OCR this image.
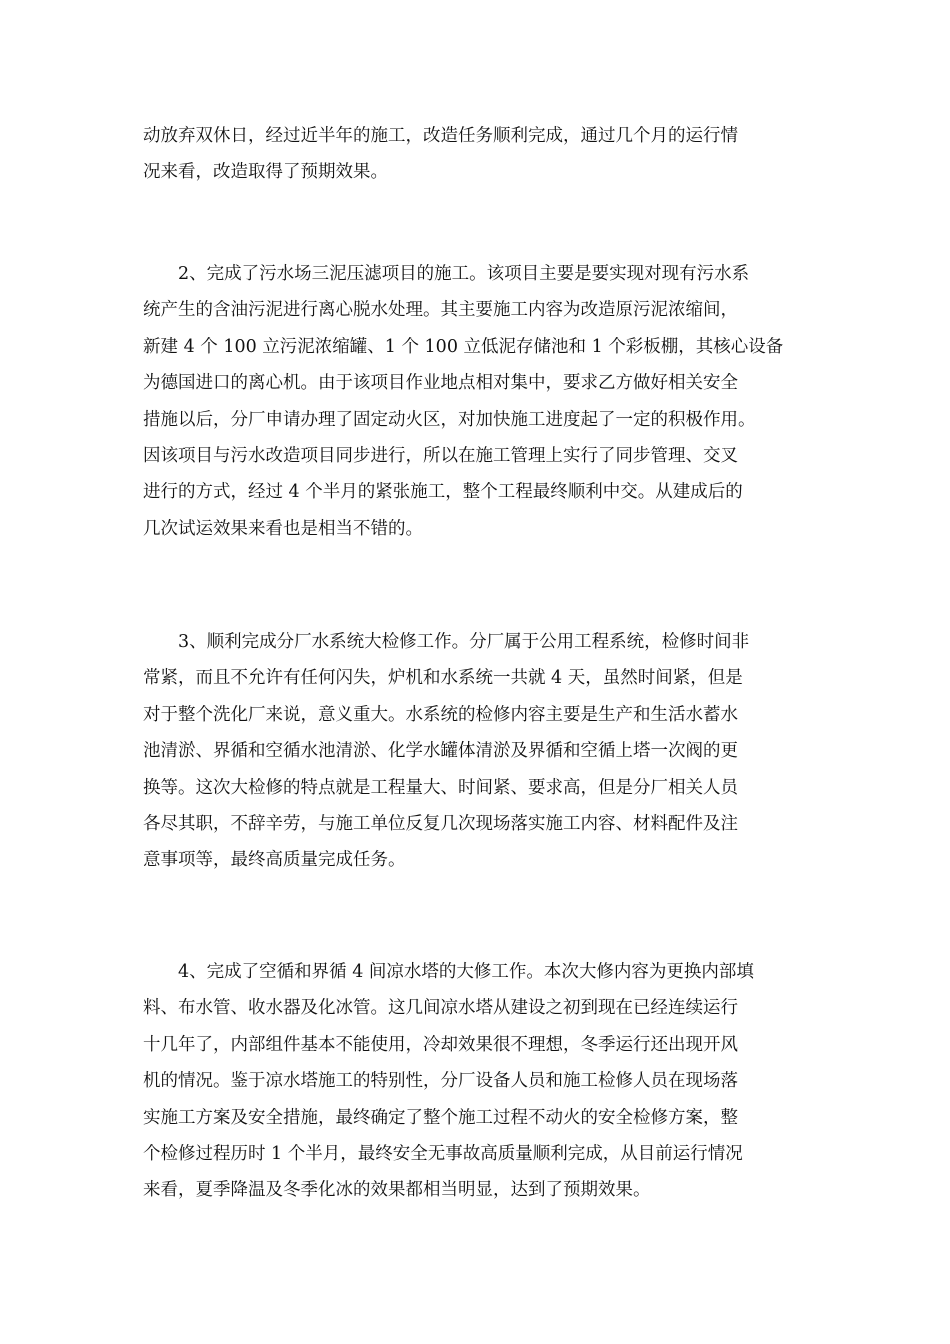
动放弃双休日，经过近半年的施工，改造任务顺利完成，通过几个月的运行情
况来看，改造取得了预期效果。

　　2、完成了污水场三泥压滤项目的施工。该项目主要是要实现对现有污水系
统产生的含油污泥进行离心脱水处理。其主要施工内容为改造原污泥浓缩间，
新建 4 个 100 立污泥浓缩罐、1 个 100 立低泥存储池和 1 个彩板棚，其核心设备
为德国进口的离心机。由于该项目作业地点相对集中，要求乙方做好相关安全
措施以后，分厂申请办理了固定动火区，对加快施工进度起了一定的积极作用。
因该项目与污水改造项目同步进行，所以在施工管理上实行了同步管理、交叉
进行的方式，经过 4 个半月的紧张施工，整个工程最终顺利中交。从建成后的
几次试运效果来看也是相当不错的。

　　3、顺利完成分厂水系统大检修工作。分厂属于公用工程系统，检修时间非
常紧，而且不允许有任何闪失，炉机和水系统一共就 4 天，虽然时间紧，但是
对于整个洗化厂来说，意义重大。水系统的检修内容主要是生产和生活水蓄水
池清淤、界循和空循水池清淤、化学水罐体清淤及界循和空循上塔一次阀的更
换等。这次大检修的特点就是工程量大、时间紧、要求高，但是分厂相关人员
各尽其职，不辞辛劳，与施工单位反复几次现场落实施工内容、材料配件及注
意事项等，最终高质量完成任务。

　　4、完成了空循和界循 4 间凉水塔的大修工作。本次大修内容为更换内部填
料、布水管、收水器及化冰管。这几间凉水塔从建设之初到现在已经连续运行
十几年了，内部组件基本不能使用，冷却效果很不理想，冬季运行还出现开风
机的情况。鉴于凉水塔施工的特别性，分厂设备人员和施工检修人员在现场落
实施工方案及安全措施，最终确定了整个施工过程不动火的安全检修方案，整
个检修过程历时 1 个半月，最终安全无事故高质量顺利完成，从目前运行情况
来看，夏季降温及冬季化冰的效果都相当明显，达到了预期效果。
